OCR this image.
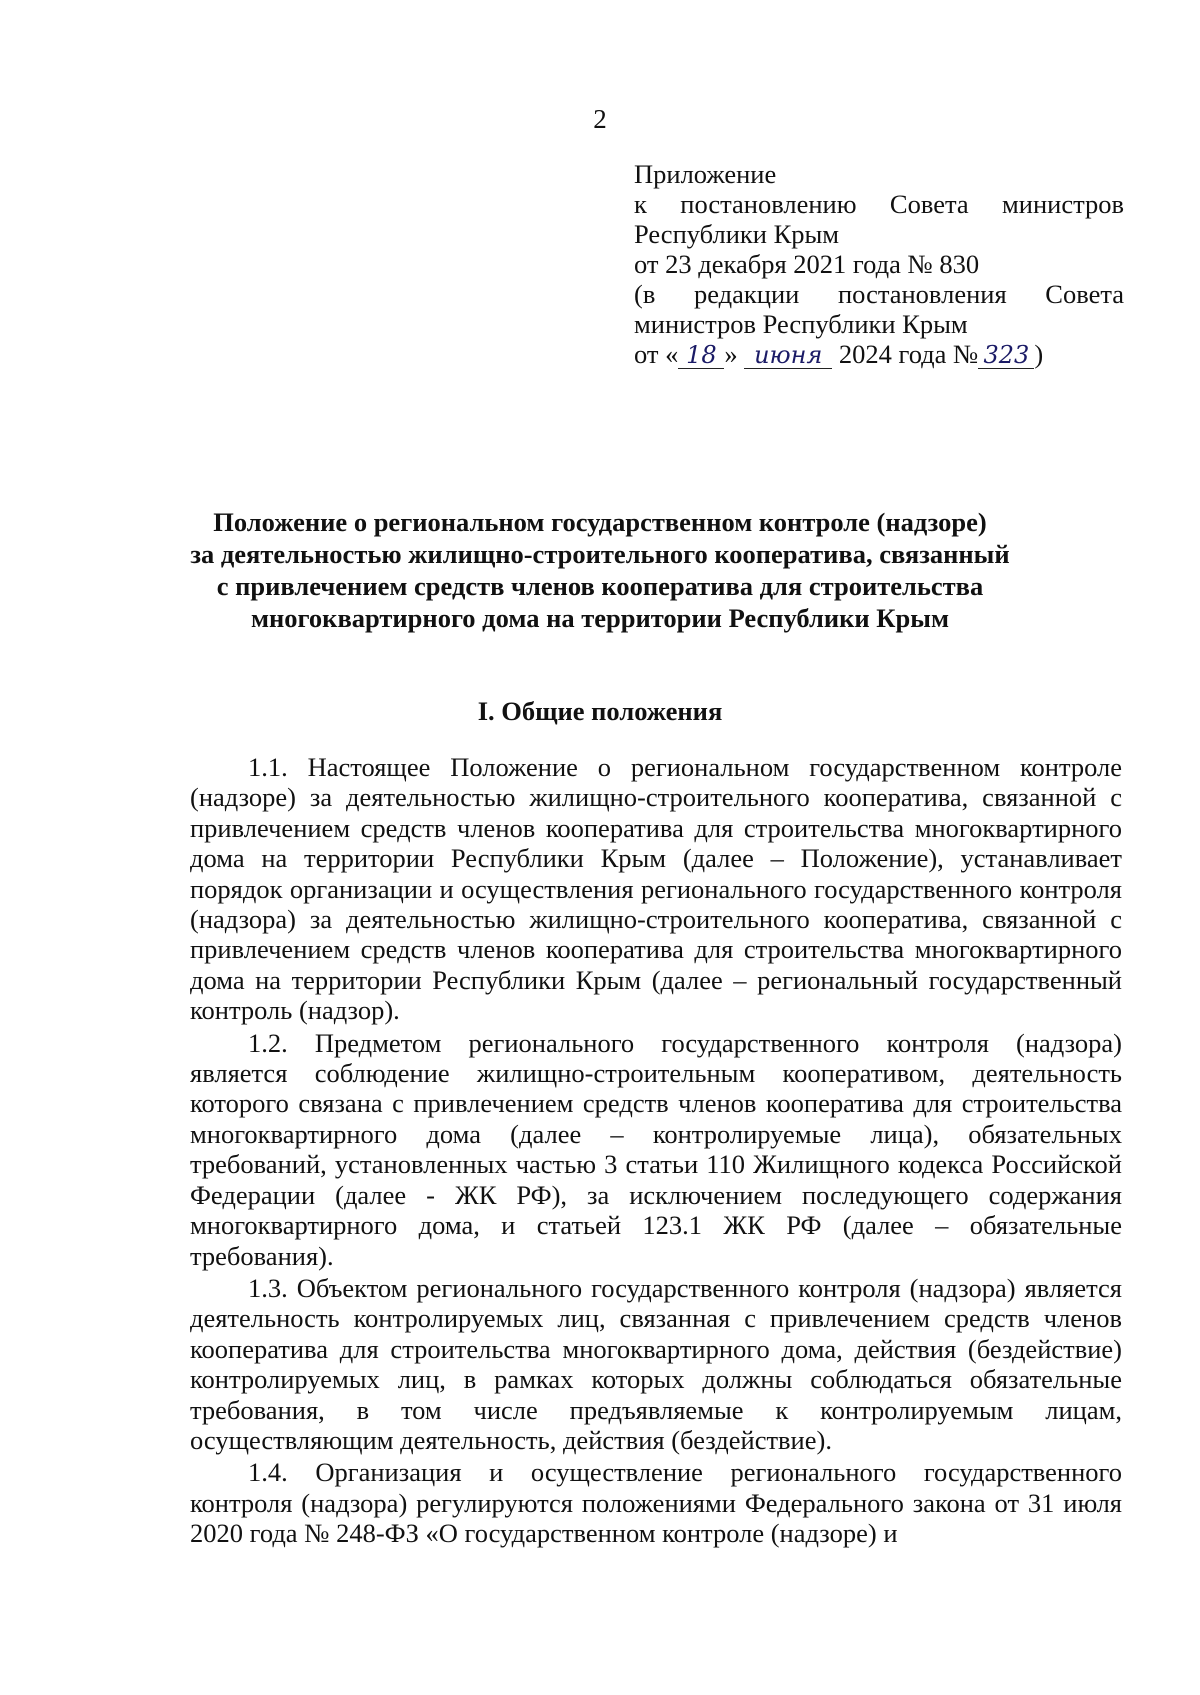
2
Приложение
к постановлению Совета министров
Республики Крым
от 23 декабря 2021 года № 830
(в редакции постановления Совета
министров Республики Крым
от « 18 » июня 2024 года № 323 )
Положение о региональном государственном контроле (надзоре)
за деятельностью жилищно-строительного кооператива, связанный
с привлечением средств членов кооператива для строительства
многоквартирного дома на территории Республики Крым
I. Общие положения

1.1. Настоящее Положение о региональном государственном контроле (надзоре) за деятельностью жилищно-строительного кооператива, связанной с привлечением средств членов кооператива для строительства многоквартирного дома на территории Республики Крым (далее – Положение), устанавливает порядок организации и осуществления регионального государственного контроля (надзора) за деятельностью жилищно-строительного кооператива, связанной с привлечением средств членов кооператива для строительства многоквартирного дома на территории Республики Крым (далее – региональный государственный контроль (надзор).

1.2. Предметом регионального государственного контроля (надзора) является соблюдение жилищно-строительным кооперативом, деятельность которого связана с привлечением средств членов кооператива для строительства многоквартирного дома (далее – контролируемые лица), обязательных требований, установленных частью 3 статьи 110 Жилищного кодекса Российской Федерации (далее - ЖК РФ), за исключением последующего содержания многоквартирного дома, и статьей 123.1 ЖК РФ (далее – обязательные требования).

1.3. Объектом регионального государственного контроля (надзора) является деятельность контролируемых лиц, связанная с привлечением средств членов кооператива для строительства многоквартирного дома, действия (бездействие) контролируемых лиц, в рамках которых должны соблюдаться обязательные требования, в том числе предъявляемые к контролируемым лицам, осуществляющим деятельность, действия (бездействие).

1.4. Организация и осуществление регионального государственного контроля (надзора) регулируются положениями Федерального закона от 31 июля 2020 года № 248-ФЗ «О государственном контроле (надзоре) и
